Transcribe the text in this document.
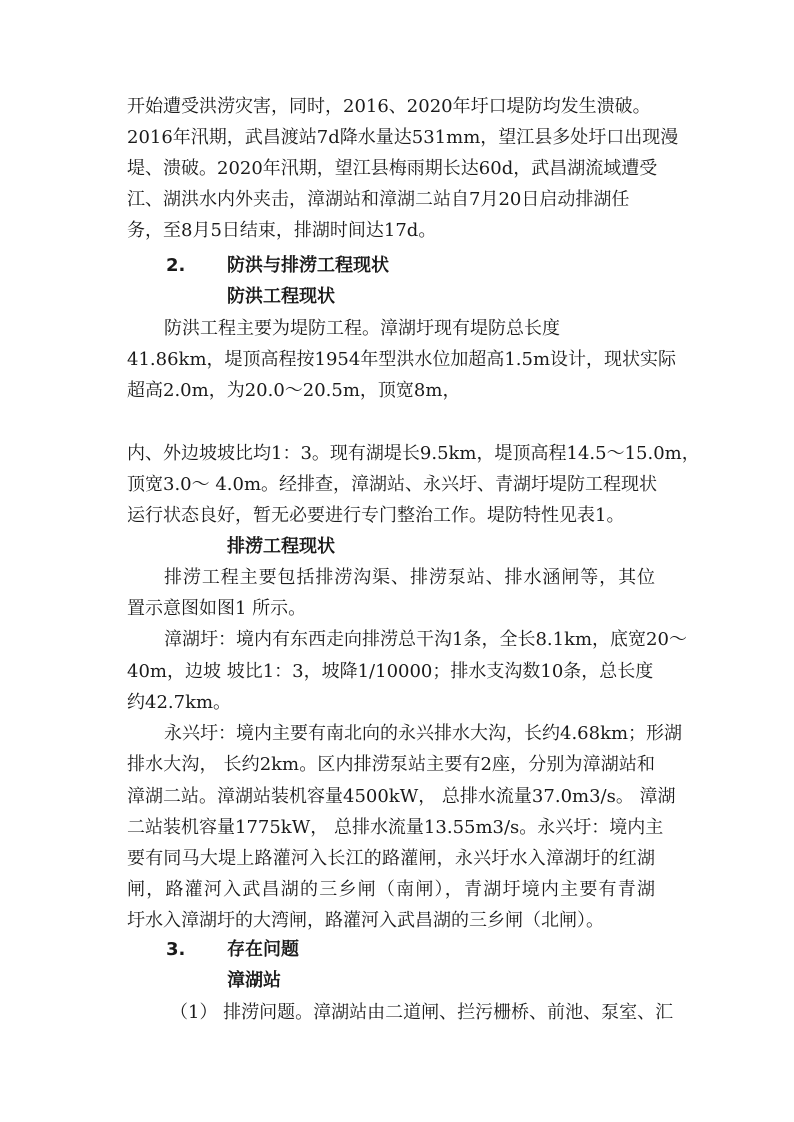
开始遭受洪涝灾害，同时，2016、2020年圩口堤防均发生溃破。
2016年汛期，武昌渡站7d降水量达531mm，望江县多处圩口出现漫
堤、溃破。2020年汛期，望江县梅雨期长达60d，武昌湖流域遭受
江、湖洪水内外夹击，漳湖站和漳湖二站自7月20日启动排湖任
务，至8月5日结束，排湖时间达17d。
2. 防洪与排涝工程现状
防洪工程现状
防洪工程主要为堤防工程。漳湖圩现有堤防总长度
41.86km，堤顶高程按1954年型洪水位加超高1.5m设计，现状实际
超高2.0m，为20.0～20.5m，顶宽8m，
内、外边坡坡比均1：3。现有湖堤长9.5km，堤顶高程14.5～15.0m，
顶宽3.0～ 4.0m。经排查，漳湖站、永兴圩、青湖圩堤防工程现状
运行状态良好，暂无必要进行专门整治工作。堤防特性见表1。
排涝工程现状
排涝工程主要包括排涝沟渠、排涝泵站、排水涵闸等，其位
置示意图如图1 所示。
漳湖圩：境内有东西走向排涝总干沟1条，全长8.1km，底宽20～
40m，边坡 坡比1：3，坡降1/10000；排水支沟数10条，总长度
约42.7km。
永兴圩：境内主要有南北向的永兴排水大沟，长约4.68km；形湖
排水大沟， 长约2km。区内排涝泵站主要有2座，分别为漳湖站和
漳湖二站。漳湖站装机容量4500kW， 总排水流量37.0m3/s。 漳湖
二站装机容量1775kW， 总排水流量13.55m3/s。永兴圩：境内主
要有同马大堤上路灌河入长江的路灌闸，永兴圩水入漳湖圩的红湖
闸，路灌河入武昌湖的三乡闸（南闸），青湖圩境内主要有青湖
圩水入漳湖圩的大湾闸，路灌河入武昌湖的三乡闸（北闸）。
3. 存在问题
漳湖站
（1） 排涝问题。漳湖站由二道闸、拦污栅桥、前池、泵室、汇
